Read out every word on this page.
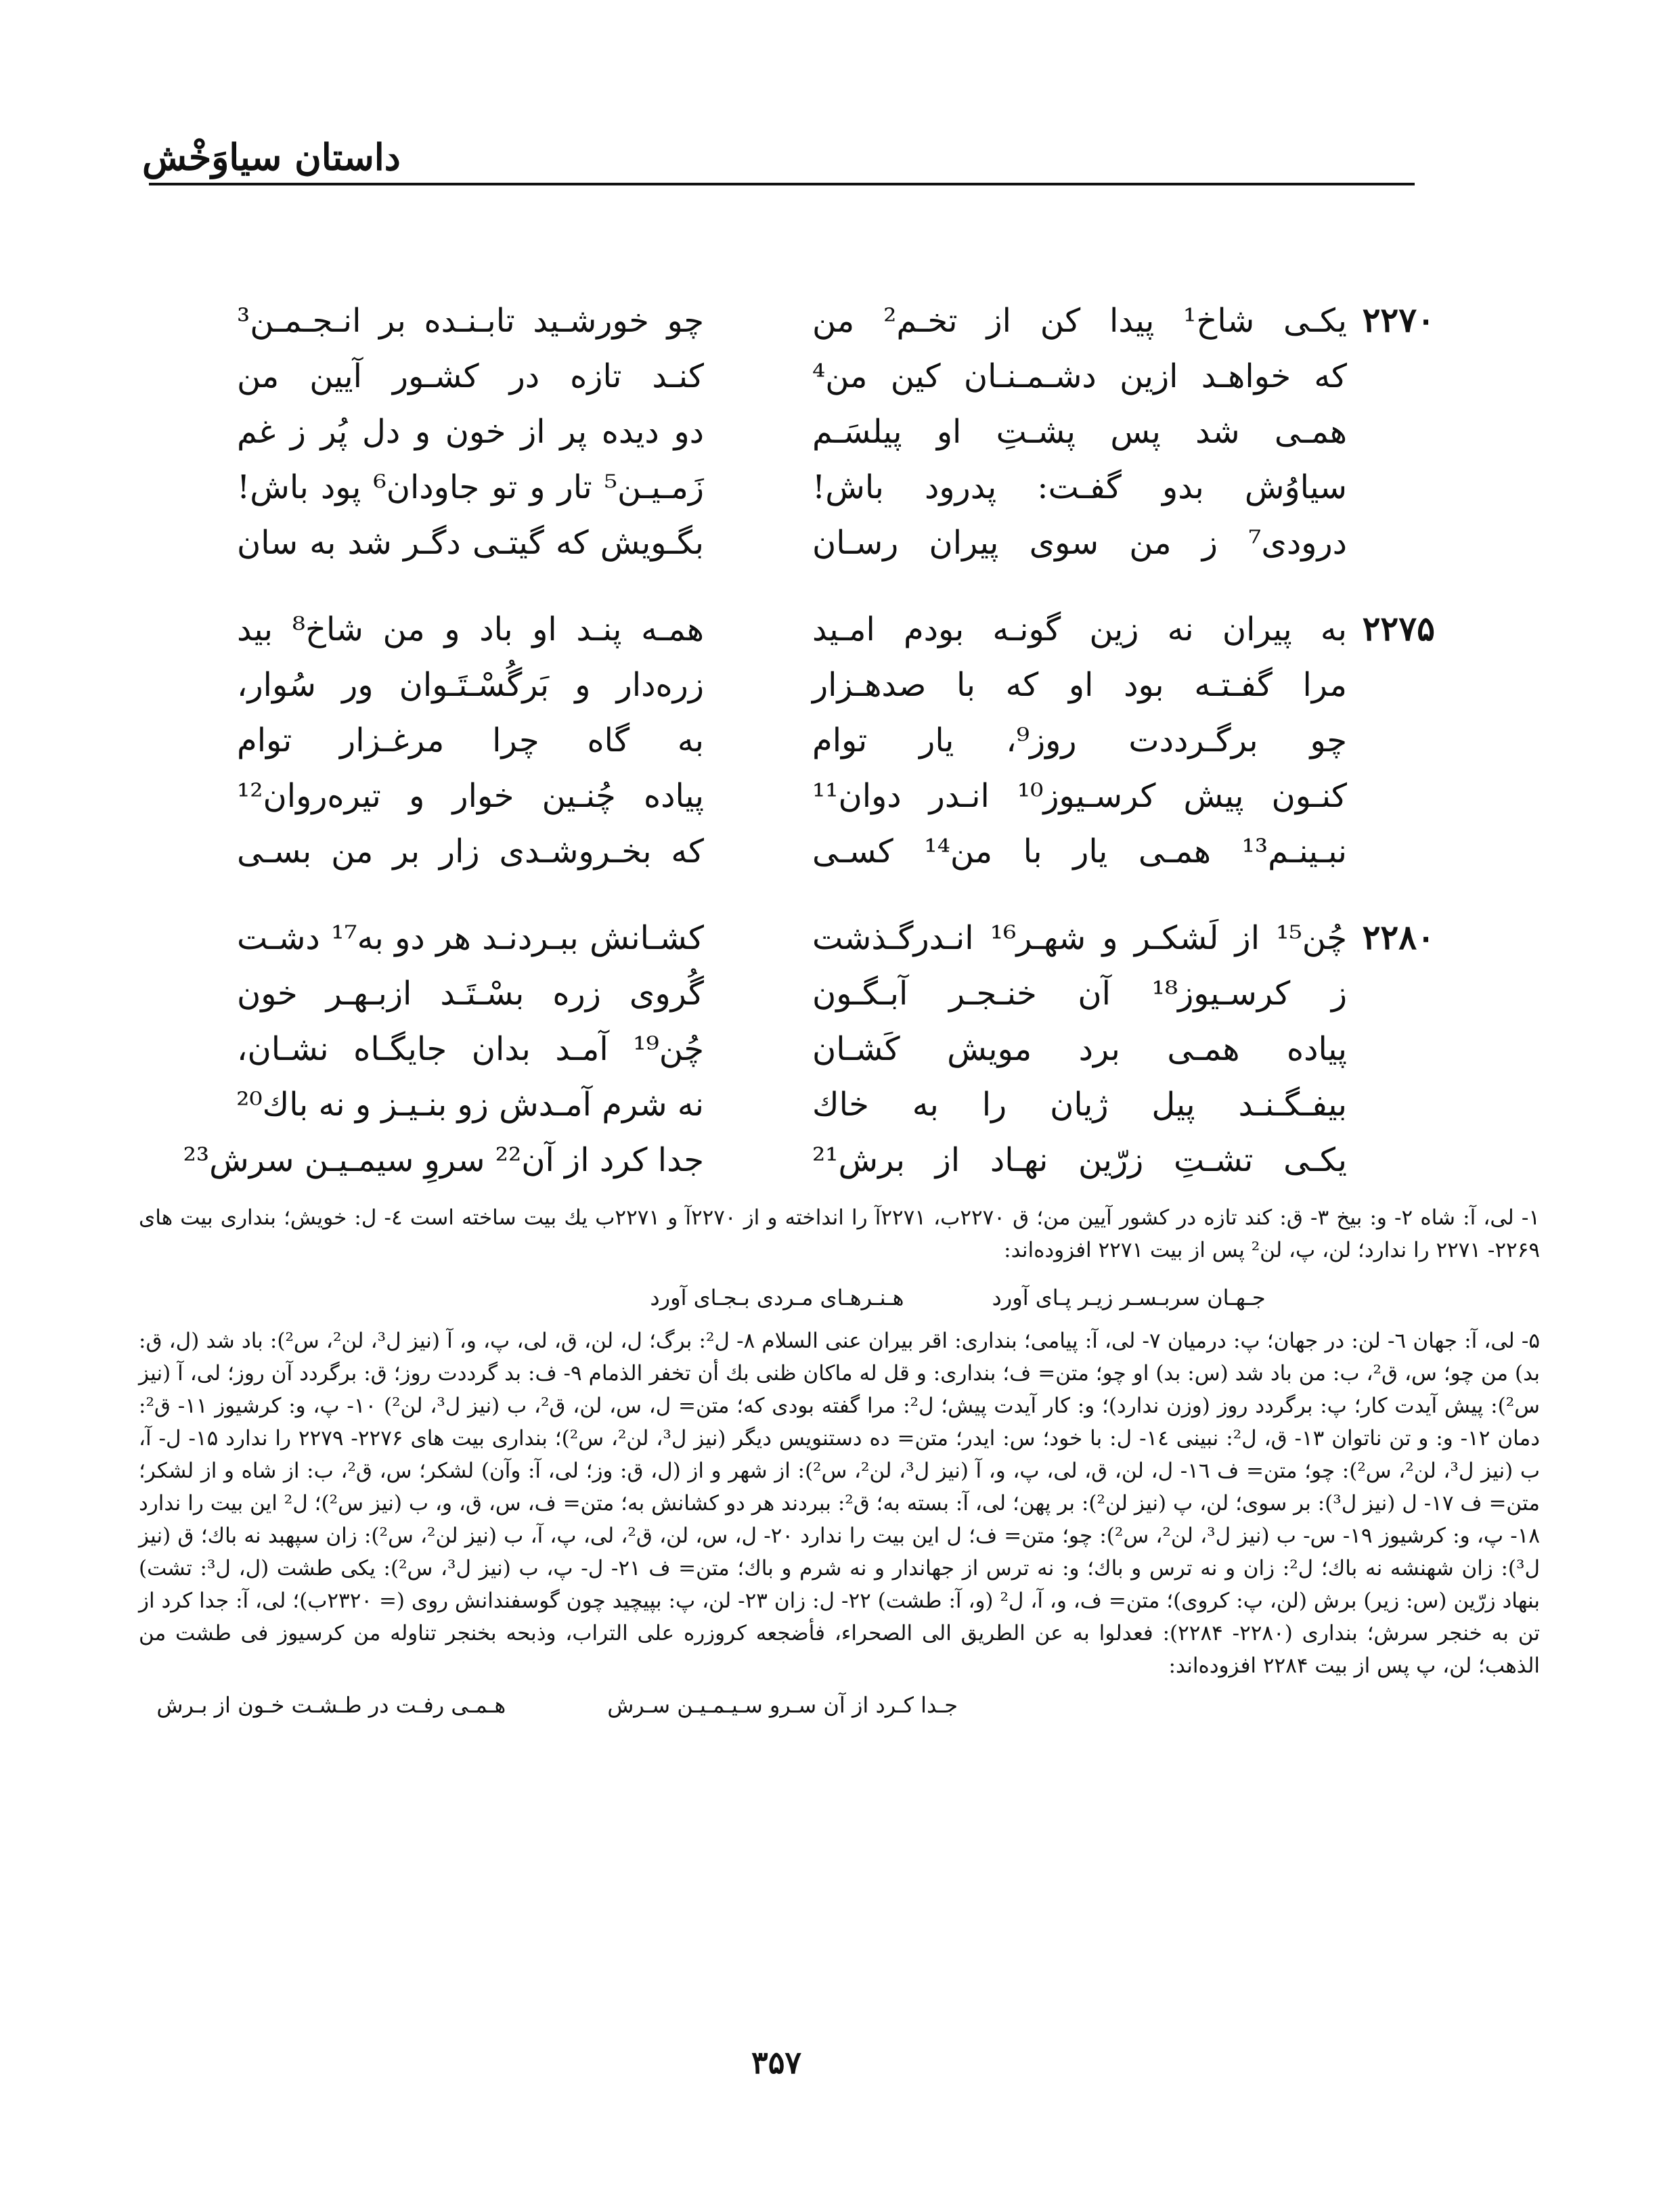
داستان سیاوَخْش
۲۲۷۰
یکـی شاخ¹ پیدا کن از تخـم² من
چو خورشـید تابـنـده بر انـجـمـن³
که خواهـد ازین دشـمـنـان کین من⁴
کنـد تازه در کشـور آیین من
همـی شد پس پشـتِ او پیلسَـم
دو دیده پر از خون و دل پُر ز غم
سیاوُش بدو گفـت: پدرود باش!
زَمـیـن⁵ تار و تو جاودان⁶ پود باش!
درودی⁷ ز من سوی پیران رسـان
بگـویش که گیتـی دگـر شد به سان
۲۲۷۵
به پیران نه زین گونـه بودم امـید
همـه پنـد او باد و من شاخ⁸ بید
مرا گفـتـه بود او که با صدهـزار
زره‌دار و بَرگُسْـتَـوان ور سُوار،
چو برگـردد‌ت روز⁹، یار توام
به گاه چرا مرغـزار توام
کنـون پیش کرسـیوز¹⁰ انـدر دوان¹¹
پیاده چُنـین خوار و تیره‌روان¹²
نبـینـم¹³ همـی یار با من¹⁴ کسـی
که بخـروشـدی زار بر من بسـی
۲۲۸۰
چُن¹⁵ از لَشکـر و شهـر¹⁶ انـدرگـذشت
کشـانش ببـردنـد هر دو به¹⁷ دشـت
ز کرسـیوز¹⁸ آن خنـجـر آبـگـون
گُروی زره بسْـتَـد ازبـهـر خون
پیاده همـی برد مویش کَشـان
چُن¹⁹ آمـد بدان جایگـاه نشـان،
بیفـگـنـد پیل ژیان را به خاك
نه شرم آمـدش زو بنـیـز و نه باك²⁰
یکـی تشـتِ زرّین نهـاد از برش²¹
جدا کرد از آن²² سروِ سیمـیـن سرش²³
۱- لی، آ: شاه ۲- و: بیخ ۳- ق: کند تازه در کشور آیین من؛ ق ۲۲۷۰ب، ۲۲۷۱آ را انداخته و از ۲۲۷۰آ و ۲۲۷۱ب یك بیت ساخته است ٤- ل: خویش؛ بنداری بیت های ۲۲۶۹- ۲۲۷۱ را ندارد؛ لن، پ، لن² پس از بیت ۲۲۷۱ افزوده‌اند:
جـهـان سربـسـر زیـر پـای آورد
هـنـرهـای مـردی بـجـای آورد
۵- لی، آ: جهان ٦- لن: در جهان؛ پ: درمیان ۷- لی، آ: پیامی؛ بنداری: اقر بیران عنی السلام ۸- ل²: برگ؛ ل، لن، ق، لی، پ، و، آ (نیز ل³، لن²، س²): باد شد (ل، ق: بد) من چو؛ س، ق²، ب: من باد شد (س: بد) او چو؛ متن= ف؛ بنداری: و قل له ماکان ظنی بك أن تخفر الذمام ۹- ف: بد گرددت روز؛ ق: برگردد آن روز؛ لی، آ (نیز س²): پیش آیدت کار؛ پ: برگردد روز (وزن ندارد)؛ و: کار آیدت پیش؛ ل²: مرا گفته بودی که؛ متن= ل، س، لن، ق²، ب (نیز ل³، لن²) ۱۰- پ، و: کرشیوز ۱۱- ق²: دمان ۱۲- و: و تن ناتوان ۱۳- ق، ل²: نبینی ١٤- ل: با خود؛ س: ایدر؛ متن= ده دستنویس دیگر (نیز ل³، لن²، س²)؛ بنداری بیت های ۲۲۷۶- ۲۲۷۹ را ندارد ۱۵- ل- آ، ب (نیز ل³، لن²، س²): چو؛ متن= ف ١٦- ل، لن، ق، لی، پ، و، آ (نیز ل³، لن²، س²): از شهر و از (ل، ق: وز؛ لی، آ: وآن) لشکر؛ س، ق²، ب: از شاه و از لشکر؛ متن= ف ۱۷- ل (نیز ل³): بر سوی؛ لن، پ (نیز لن²): بر پهن؛ لی، آ: بسته به؛ ق²: ببردند هر دو کشانش به؛ متن= ف، س، ق، و، ب (نیز س²)؛ ل² این بیت را ندارد ۱۸- پ، و: کرشیوز ۱۹- س- ب (نیز ل³، لن²، س²): چو؛ متن= ف؛ ل این بیت را ندارد ۲۰- ل، س، لن، ق²، لی، پ، آ، ب (نیز لن²، س²): زان سپهبد نه باك؛ ق (نیز ل³): زان شهنشه نه باك؛ ل²: زان و نه ترس و باك؛ و: نه ترس از جهاندار و نه شرم و باك؛ متن= ف ۲۱- ل- پ، ب (نیز ل³، س²): یکی طشت (ل، ل³: تشت) بنهاد زرّین (س: زیر) برش (لن، پ: کروی)؛ متن= ف، و، آ، ل² (و، آ: طشت) ۲۲- ل: زان ۲۳- لن، پ: بپیچید چون گوسفندانش روی (= ۲۳۲۰ب)؛ لی، آ: جدا کرد از تن به خنجر سرش؛ بنداری (۲۲۸۰- ۲۲۸۴): فعدلوا به عن الطریق الی الصحراء، فأضجعه کروزره علی التراب، وذبحه بخنجر تناوله من کرسیوز فی طشت من الذهب؛ لن، پ پس از بیت ۲۲۸۴ افزوده‌اند:
جـدا کـرد از آن سـرو سـیـمـیـن سـرش
هـمـی رفـت در طـشـت خـون از بـرش
۳۵۷
